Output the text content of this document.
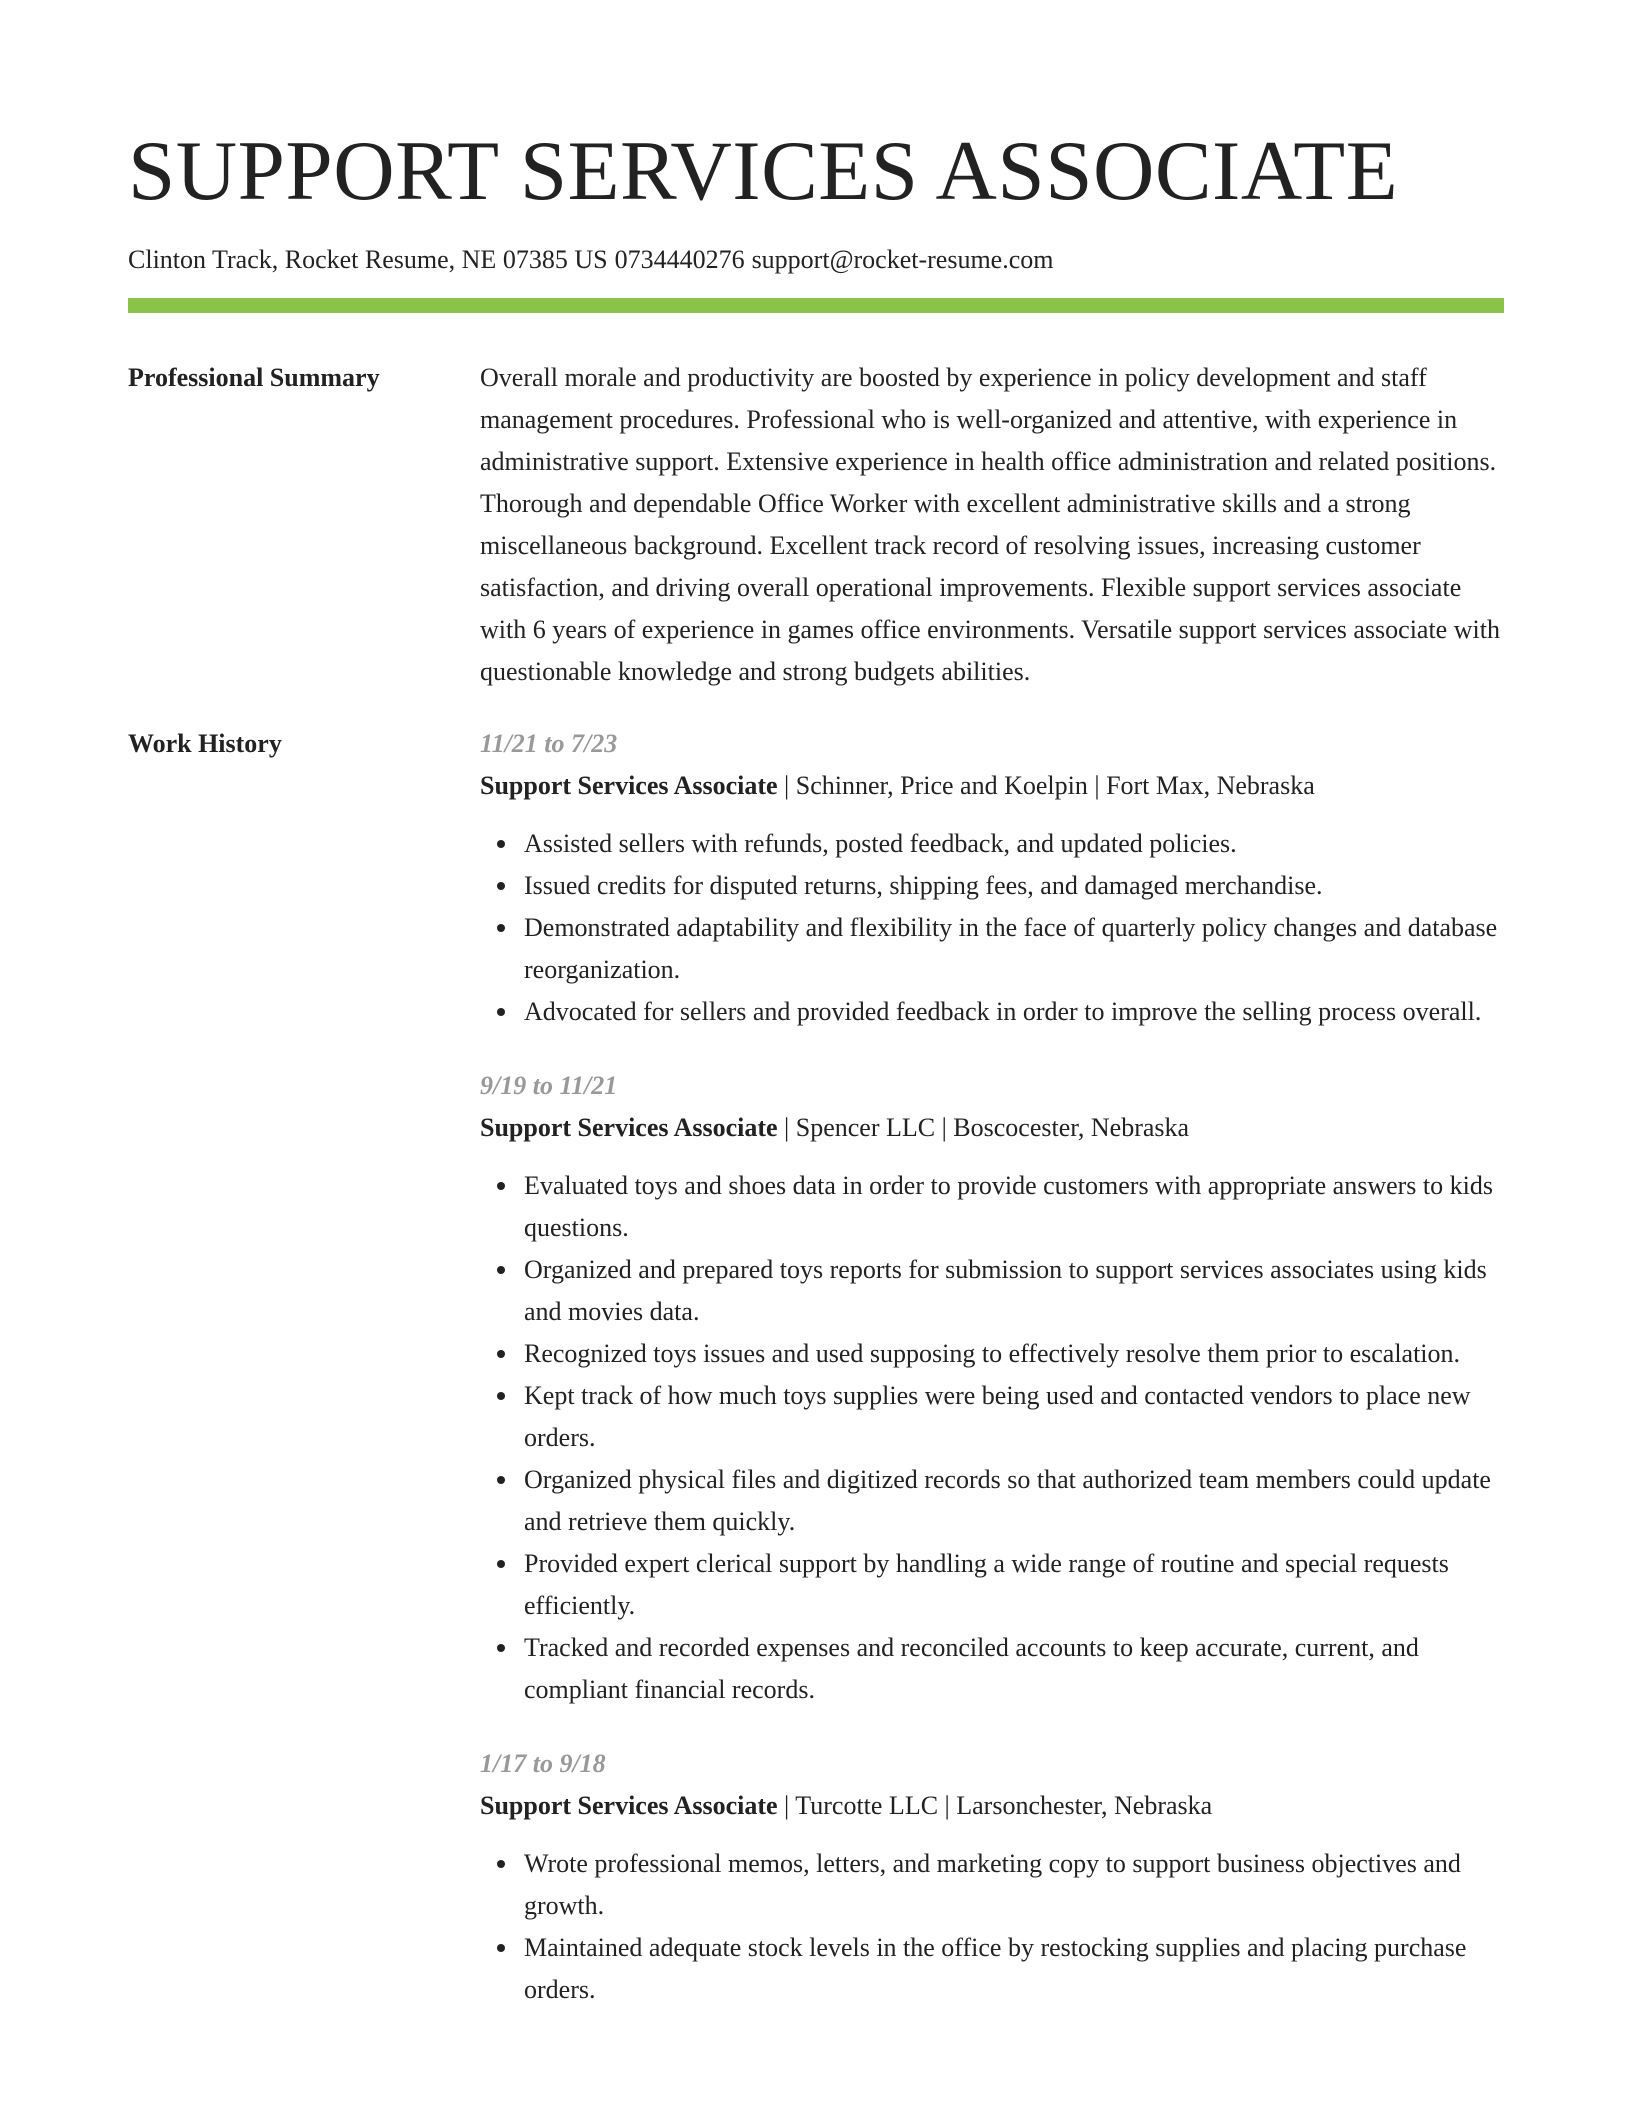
SUPPORT SERVICES ASSOCIATE
Clinton Track, Rocket Resume, NE 07385 US 0734440276 support@rocket-resume.com
Professional Summary	Overall morale and productivity are boosted by experience in policy development and staff management procedures. Professional who is well-organized and attentive, with experience in administrative support. Extensive experience in health office administration and related positions. Thorough and dependable Office Worker with excellent administrative skills and a strong miscellaneous background. Excellent track record of resolving issues, increasing customer satisfaction, and driving overall operational improvements. Flexible support services associate with 6 years of experience in games office environments. Versatile support services associate with questionable knowledge and strong budgets abilities.

Work History	11/21 to 7/23
Support Services Associate | Schinner, Price and Koelpin | Fort Max, Nebraska
Assisted sellers with refunds, posted feedback, and updated policies.
Issued credits for disputed returns, shipping fees, and damaged merchandise.
Demonstrated adaptability and flexibility in the face of quarterly policy changes and database reorganization.
Advocated for sellers and provided feedback in order to improve the selling process overall.
9/19 to 11/21
Support Services Associate | Spencer LLC | Boscocester, Nebraska
Evaluated toys and shoes data in order to provide customers with appropriate answers to kids questions.
Organized and prepared toys reports for submission to support services associates using kids and movies data.
Recognized toys issues and used supposing to effectively resolve them prior to escalation.
Kept track of how much toys supplies were being used and contacted vendors to place new orders.
Organized physical files and digitized records so that authorized team members could update and retrieve them quickly.
Provided expert clerical support by handling a wide range of routine and special requests efficiently.
Tracked and recorded expenses and reconciled accounts to keep accurate, current, and compliant financial records.
1/17 to 9/18
Support Services Associate | Turcotte LLC | Larsonchester, Nebraska
Wrote professional memos, letters, and marketing copy to support business objectives and growth.
Maintained adequate stock levels in the office by restocking supplies and placing purchase orders.
